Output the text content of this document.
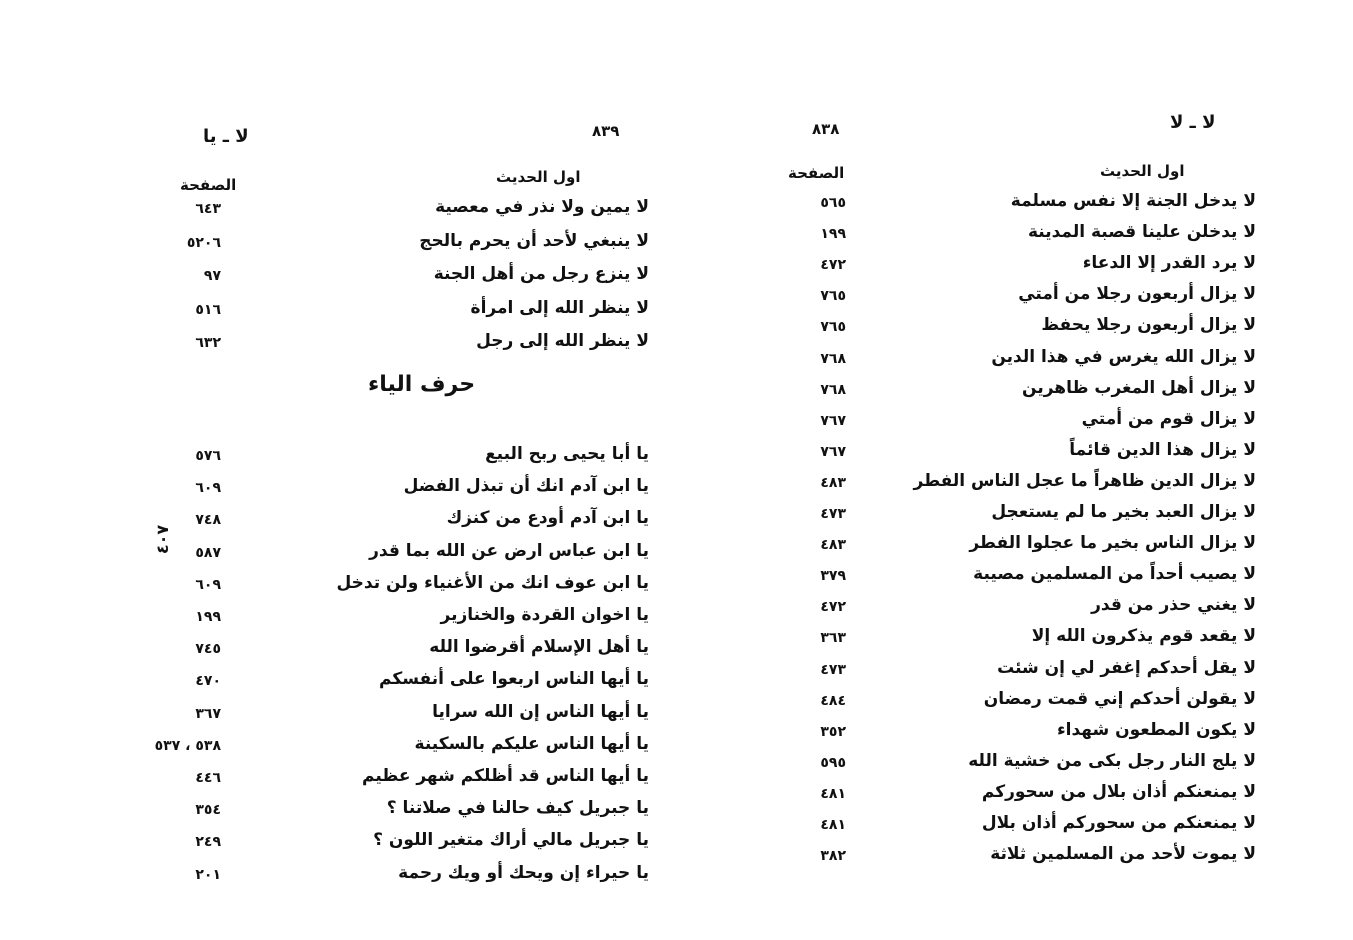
لا ـ لا
٨٣٨
اول الحديث
الصفحة
لا يدخل الجنة إلا نفس مسلمة
٥٦٥
لا يدخلن علينا قصبة المدينة
١٩٩
لا يرد القدر إلا الدعاء
٤٧٢
لا يزال أربعون رجلا من أمتي
٧٦٥
لا يزال أربعون رجلا يحفظ
٧٦٥
لا يزال الله يغرس في هذا الدين
٧٦٨
لا يزال أهل المغرب ظاهرين
٧٦٨
لا يزال قوم من أمتي
٧٦٧
لا يزال هذا الدين قائماً
٧٦٧
لا يزال الدين ظاهراً ما عجل الناس الفطر
٤٨٣
لا يزال العبد بخير ما لم يستعجل
٤٧٣
لا يزال الناس بخير ما عجلوا الفطر
٤٨٣
لا يصيب أحداً من المسلمين مصيبة
٣٧٩
لا يغني حذر من قدر
٤٧٢
لا يقعد قوم يذكرون الله إلا
٣٦٣
لا يقل أحدكم إغفر لي إن شئت
٤٧٣
لا يقولن أحدكم إني قمت رمضان
٤٨٤
لا يكون المطعون شهداء
٣٥٢
لا يلج النار رجل بكى من خشية الله
٥٩٥
لا يمنعنكم أذان بلال من سحوركم
٤٨١
لا يمنعنكم من سحوركم أذان بلال
٤٨١
لا يموت لأحد من المسلمين ثلاثة
٣٨٢
لا ـ يا	٨٣٩
اول الحديث
الصفحة
حرف الياء
٤٠٧
لا يمين ولا نذر في معصية
٦٤٣
لا ينبغي لأحد أن يحرم بالحج
٥٢٠٦
لا ينزع رجل من أهل الجنة
٩٧
لا ينظر الله إلى امرأة
٥١٦
لا ينظر الله إلى رجل
٦٣٢
يا أبا يحيى ربح البيع
٥٧٦
يا ابن آدم انك أن تبذل الفضل
٦٠٩
يا ابن آدم أودع من كنزك
٧٤٨
يا ابن عباس ارض عن الله بما قدر
٥٨٧
يا ابن عوف انك من الأغنياء ولن تدخل
٦٠٩
يا اخوان القردة والخنازير
١٩٩
يا أهل الإسلام أقرضوا الله
٧٤٥
يا أيها الناس اربعوا على أنفسكم
٤٧٠
يا أيها الناس إن الله سرايا
٣٦٧
يا أيها الناس عليكم بالسكينة
٥٣٨ ، ٥٣٧
يا أيها الناس قد أظلكم شهر عظيم
٤٤٦
يا جبريل كيف حالنا في صلاتنا ؟
٣٥٤
يا جبريل مالي أراك متغير اللون ؟
٢٤٩
يا حيراء إن ويحك أو ويك رحمة
٢٠١
